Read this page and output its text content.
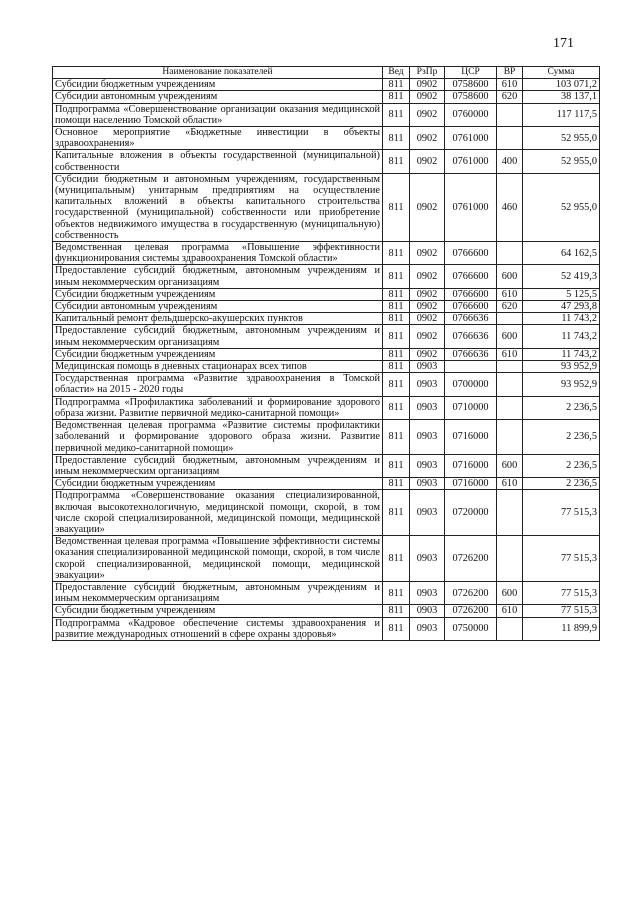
171
Наименование показателей	Вед	РзПр	ЦСР	ВР	Сумма
Субсидии бюджетным учреждениям	811	0902	0758600	610	103 071,2
Субсидии автономным учреждениям	811	0902	0758600	620	38 137,1
Подпрограмма «Совершенствование организации оказания медицинской помощи населению Томской области»	811	0902	0760000		117 117,5
Основное мероприятие «Бюджетные инвестиции в объекты здравоохранения»	811	0902	0761000		52 955,0
Капитальные вложения в объекты государственной (муниципальной) собственности	811	0902	0761000	400	52 955,0
Субсидии бюджетным и автономным учреждениям, государственным (муниципальным) унитарным предприятиям на осуществление капитальных вложений в объекты капитального строительства государственной (муниципальной) собственности или приобретение объектов недвижимого имущества в государственную (муниципальную) собственность	811	0902	0761000	460	52 955,0
Ведомственная целевая программа «Повышение эффективности функционирования системы здравоохранения Томской области»	811	0902	0766600		64 162,5
Предоставление субсидий бюджетным, автономным учреждениям и иным некоммерческим организациям	811	0902	0766600	600	52 419,3
Субсидии бюджетным учреждениям	811	0902	0766600	610	5 125,5
Субсидии автономным учреждениям	811	0902	0766600	620	47 293,8
Капитальный ремонт фельдшерско-акушерских пунктов	811	0902	0766636		11 743,2
Предоставление субсидий бюджетным, автономным учреждениям и иным некоммерческим организациям	811	0902	0766636	600	11 743,2
Субсидии бюджетным учреждениям	811	0902	0766636	610	11 743,2
Медицинская помощь в дневных стационарах всех типов	811	0903			93 952,9
Государственная программа «Развитие здравоохранения в Томской области» на 2015 - 2020 годы	811	0903	0700000		93 952,9
Подпрограмма «Профилактика заболеваний и формирование здорового образа жизни. Развитие первичной медико-санитарной помощи»	811	0903	0710000		2 236,5
Ведомственная целевая программа «Развитие системы профилактики заболеваний и формирование здорового образа жизни. Развитие первичной медико-санитарной помощи»	811	0903	0716000		2 236,5
Предоставление субсидий бюджетным, автономным учреждениям и иным некоммерческим организациям	811	0903	0716000	600	2 236,5
Субсидии бюджетным учреждениям	811	0903	0716000	610	2 236,5
Подпрограмма «Совершенствование оказания специализированной, включая высокотехнологичную, медицинской помощи, скорой, в том числе скорой специализированной, медицинской помощи, медицинской эвакуации»	811	0903	0720000		77 515,3
Ведомственная целевая программа «Повышение эффективности системы оказания специализированной медицинской помощи, скорой, в том числе скорой специализированной, медицинской помощи, медицинской эвакуации»	811	0903	0726200		77 515,3
Предоставление субсидий бюджетным, автономным учреждениям и иным некоммерческим организациям	811	0903	0726200	600	77 515,3
Субсидии бюджетным учреждениям	811	0903	0726200	610	77 515,3
Подпрограмма «Кадровое обеспечение системы здравоохранения и развитие международных отношений в сфере охраны здоровья»	811	0903	0750000		11 899,9
